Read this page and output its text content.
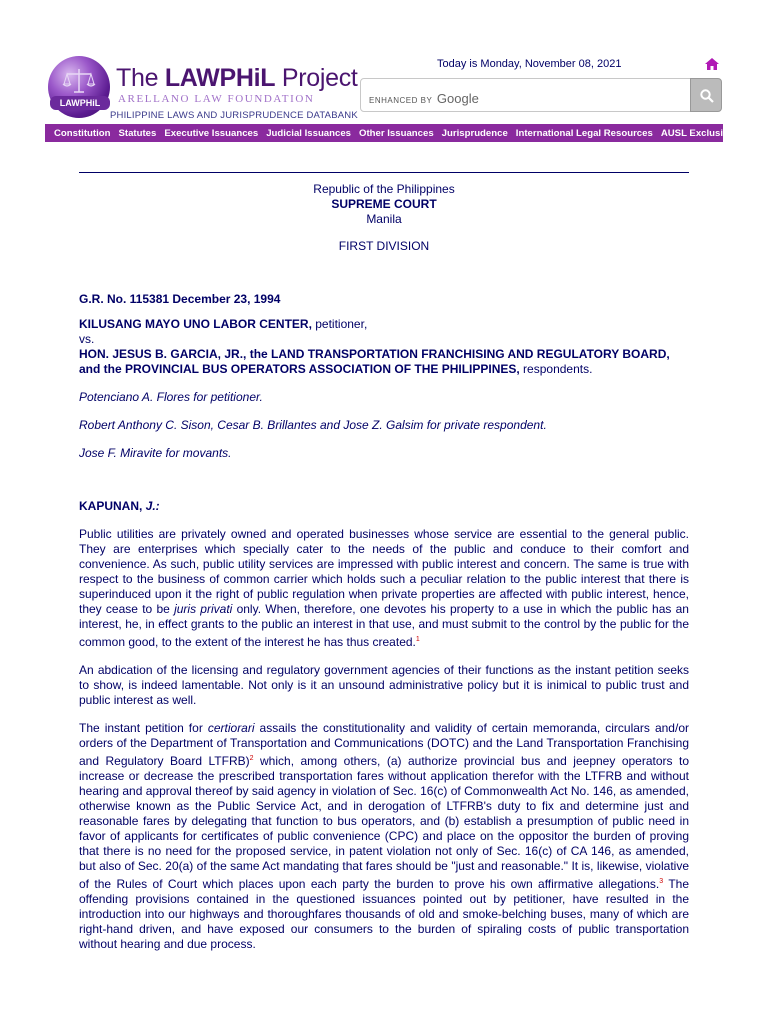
LAWPHiL
The LAWPHiL Project
ARELLANO LAW FOUNDATION
PHILIPPINE LAWS AND JURISPRUDENCE DATABANK
Today is Monday, November 08, 2021
ENHANCED BY Google
Constitution Statutes Executive Issuances Judicial Issuances Other Issuances Jurisprudence International Legal Resources AUSL Exclusive

Republic of the Philippines

SUPREME COURT

Manila

FIRST DIVISION

G.R. No. 115381 December 23, 1994

KILUSANG MAYO UNO LABOR CENTER, petitioner,

vs.

HON. JESUS B. GARCIA, JR., the LAND TRANSPORTATION FRANCHISING AND REGULATORY BOARD, and the PROVINCIAL BUS OPERATORS ASSOCIATION OF THE PHILIPPINES, respondents.

Potenciano A. Flores for petitioner.

Robert Anthony C. Sison, Cesar B. Brillantes and Jose Z. Galsim for private respondent.

Jose F. Miravite for movants.

KAPUNAN, J.:

Public utilities are privately owned and operated businesses whose service are essential to the general public. They are enterprises which specially cater to the needs of the public and conduce to their comfort and convenience. As such, public utility services are impressed with public interest and concern. The same is true with respect to the business of common carrier which holds such a peculiar relation to the public interest that there is superinduced upon it the right of public regulation when private properties are affected with public interest, hence, they cease to be juris privati only. When, therefore, one devotes his property to a use in which the public has an interest, he, in effect grants to the public an interest in that use, and must submit to the control by the public for the common good, to the extent of the interest he has thus created.$^1$

An abdication of the licensing and regulatory government agencies of their functions as the instant petition seeks to show, is indeed lamentable. Not only is it an unsound administrative policy but it is inimical to public trust and public interest as well.

The instant petition for certiorari assails the constitutionality and validity of certain memoranda, circulars and/or orders of the Department of Transportation and Communications (DOTC) and the Land Transportation Franchising and Regulatory Board LTFRB)$^2$ which, among others, (a) authorize provincial bus and jeepney operators to increase or decrease the prescribed transportation fares without application therefor with the LTFRB and without hearing and approval thereof by said agency in violation of Sec. 16(c) of Commonwealth Act No. 146, as amended, otherwise known as the Public Service Act, and in derogation of LTFRB's duty to fix and determine just and reasonable fares by delegating that function to bus operators, and (b) establish a presumption of public need in favor of applicants for certificates of public convenience (CPC) and place on the oppositor the burden of proving that there is no need for the proposed service, in patent violation not only of Sec. 16(c) of CA 146, as amended, but also of Sec. 20(a) of the same Act mandating that fares should be "just and reasonable." It is, likewise, violative of the Rules of Court which places upon each party the burden to prove his own affirmative allegations.$^3$ The offending provisions contained in the questioned issuances pointed out by petitioner, have resulted in the introduction into our highways and thoroughfares thousands of old and smoke-belching buses, many of which are right-hand driven, and have exposed our consumers to the burden of spiraling costs of public transportation without hearing and due process.
